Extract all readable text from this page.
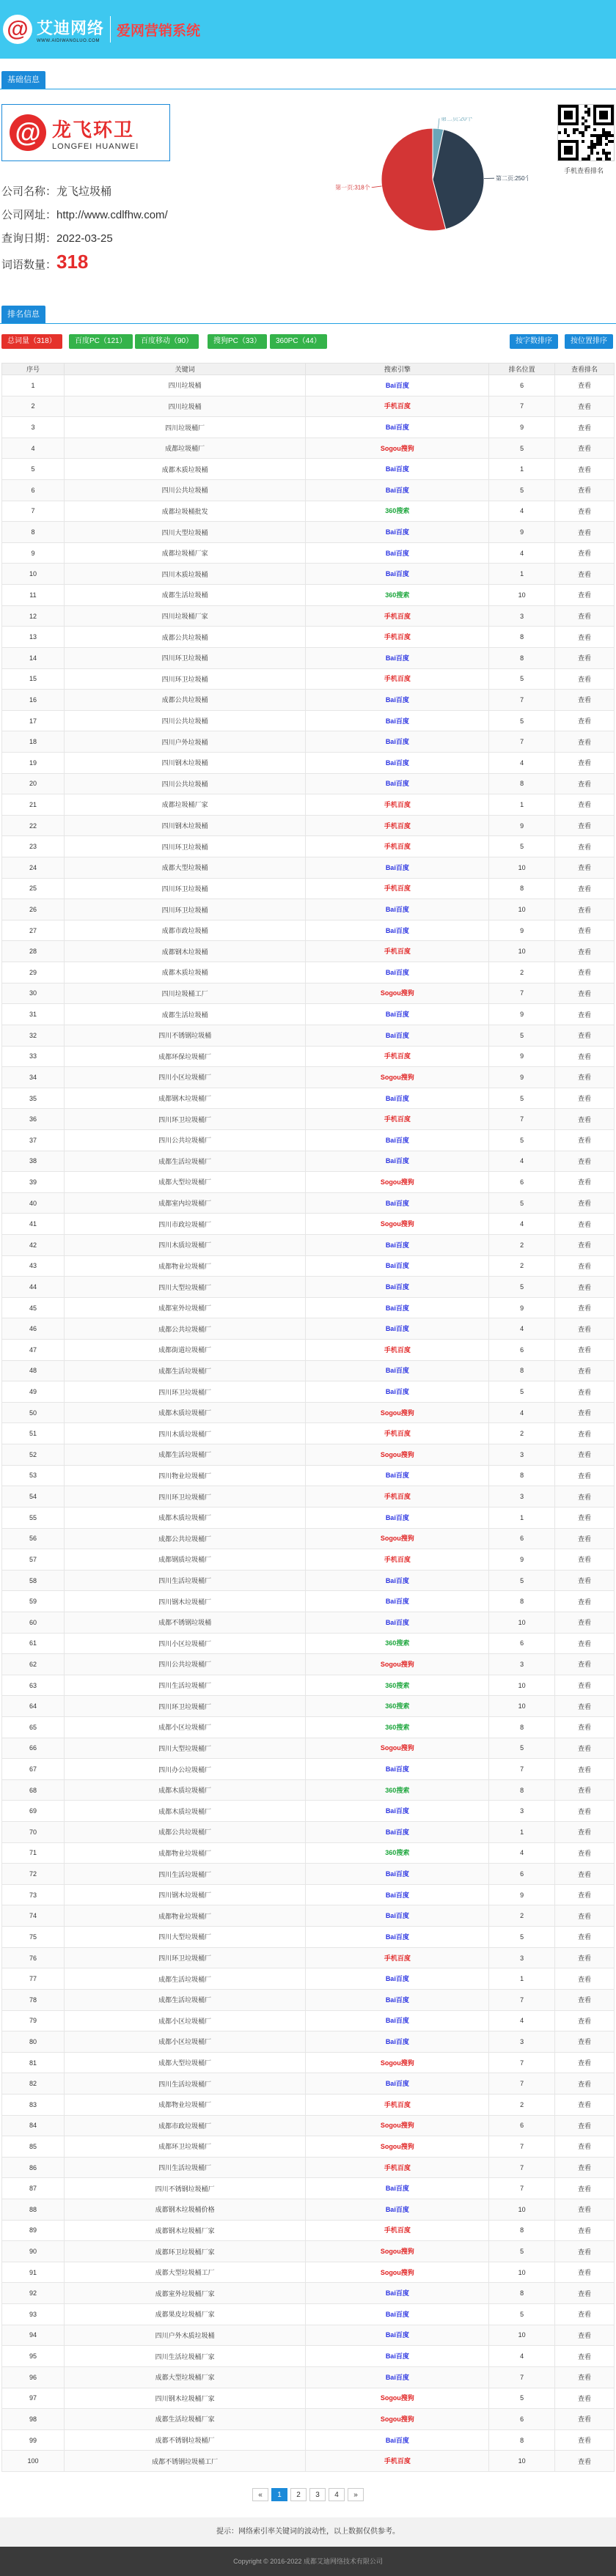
@ 艾迪网络
WWW.AIDIWANGLUO.COM
爱网营销系统
基础信息
@ 龙飞环卫
LONGFEI HUANWEI
公司名称：龙飞垃圾桶
公司网址：http://www.cdlfhw.com/
查询日期：2022-03-25
词语数量：318
第二页:20个
第二页:250个
第一页:318个
手机查看排名
排名信息
总词量（318）	百度PC（121）	百度移动（90）	搜狗PC（33）	360PC（44）	按字数排序	按位置排序
序号	关键词	搜索引擎	排名位置	查看排名
1	四川垃圾桶	Bai百度	6	查看
2	四川垃圾桶	手机百度	7	查看
3	四川垃圾桶厂	Bai百度	9	查看
4	成都垃圾桶厂	Sogou搜狗	5	查看
5	成都木质垃圾桶	Bai百度	1	查看
6	四川公共垃圾桶	Bai百度	5	查看
7	成都垃圾桶批发	360搜索	4	查看
8	四川大型垃圾桶	Bai百度	9	查看
9	成都垃圾桶厂家	Bai百度	4	查看
10	四川木质垃圾桶	Bai百度	1	查看
11	成都生活垃圾桶	360搜索	10	查看
12	四川垃圾桶厂家	手机百度	3	查看
13	成都公共垃圾桶	手机百度	8	查看
14	四川环卫垃圾桶	Bai百度	8	查看
15	四川环卫垃圾桶	手机百度	5	查看
16	成都公共垃圾桶	Bai百度	7	查看
17	四川公共垃圾桶	Bai百度	5	查看
18	四川户外垃圾桶	Bai百度	7	查看
19	四川钢木垃圾桶	Bai百度	4	查看
20	四川公共垃圾桶	Bai百度	8	查看
21	成都垃圾桶厂家	手机百度	1	查看
22	四川钢木垃圾桶	手机百度	9	查看
23	四川环卫垃圾桶	手机百度	5	查看
24	成都大型垃圾桶	Bai百度	10	查看
25	四川环卫垃圾桶	手机百度	8	查看
26	四川环卫垃圾桶	Bai百度	10	查看
27	成都市政垃圾桶	Bai百度	9	查看
28	成都钢木垃圾桶	手机百度	10	查看
29	成都木质垃圾桶	Bai百度	2	查看
30	四川垃圾桶工厂	Sogou搜狗	7	查看
31	成都生活垃圾桶	Bai百度	9	查看
32	四川不锈钢垃圾桶	Bai百度	5	查看
33	成都环保垃圾桶厂	手机百度	9	查看
34	四川小区垃圾桶厂	Sogou搜狗	9	查看
35	成都钢木垃圾桶厂	Bai百度	5	查看
36	四川环卫垃圾桶厂	手机百度	7	查看
37	四川公共垃圾桶厂	Bai百度	5	查看
38	成都生活垃圾桶厂	Bai百度	4	查看
39	成都大型垃圾桶厂	Sogou搜狗	6	查看
40	成都室内垃圾桶厂	Bai百度	5	查看
41	四川市政垃圾桶厂	Sogou搜狗	4	查看
42	四川木质垃圾桶厂	Bai百度	2	查看
43	成都物业垃圾桶厂	Bai百度	2	查看
44	四川大型垃圾桶厂	Bai百度	5	查看
45	成都室外垃圾桶厂	Bai百度	9	查看
46	成都公共垃圾桶厂	Bai百度	4	查看
47	成都街道垃圾桶厂	手机百度	6	查看
48	成都生活垃圾桶厂	Bai百度	8	查看
49	四川环卫垃圾桶厂	Bai百度	5	查看
50	成都木质垃圾桶厂	Sogou搜狗	4	查看
51	四川木质垃圾桶厂	手机百度	2	查看
52	成都生活垃圾桶厂	Sogou搜狗	3	查看
53	四川物业垃圾桶厂	Bai百度	8	查看
54	四川环卫垃圾桶厂	手机百度	3	查看
55	成都木质垃圾桶厂	Bai百度	1	查看
56	成都公共垃圾桶厂	Sogou搜狗	6	查看
57	成都钢质垃圾桶厂	手机百度	9	查看
58	四川生活垃圾桶厂	Bai百度	5	查看
59	四川钢木垃圾桶厂	Bai百度	8	查看
60	成都不锈钢垃圾桶	Bai百度	10	查看
61	四川小区垃圾桶厂	360搜索	6	查看
62	四川公共垃圾桶厂	Sogou搜狗	3	查看
63	四川生活垃圾桶厂	360搜索	10	查看
64	四川环卫垃圾桶厂	360搜索	10	查看
65	成都小区垃圾桶厂	360搜索	8	查看
66	四川大型垃圾桶厂	Sogou搜狗	5	查看
67	四川办公垃圾桶厂	Bai百度	7	查看
68	成都木质垃圾桶厂	360搜索	8	查看
69	成都木质垃圾桶厂	Bai百度	3	查看
70	成都公共垃圾桶厂	Bai百度	1	查看
71	成都物业垃圾桶厂	360搜索	4	查看
72	四川生活垃圾桶厂	Bai百度	6	查看
73	四川钢木垃圾桶厂	Bai百度	9	查看
74	成都物业垃圾桶厂	Bai百度	2	查看
75	四川大型垃圾桶厂	Bai百度	5	查看
76	四川环卫垃圾桶厂	手机百度	3	查看
77	成都生活垃圾桶厂	Bai百度	1	查看
78	成都生活垃圾桶厂	Bai百度	7	查看
79	成都小区垃圾桶厂	Bai百度	4	查看
80	成都小区垃圾桶厂	Bai百度	3	查看
81	成都大型垃圾桶厂	Sogou搜狗	7	查看
82	四川生活垃圾桶厂	Bai百度	7	查看
83	成都物业垃圾桶厂	手机百度	2	查看
84	成都市政垃圾桶厂	Sogou搜狗	6	查看
85	成都环卫垃圾桶厂	Sogou搜狗	7	查看
86	四川生活垃圾桶厂	手机百度	7	查看
87	四川不锈钢垃圾桶厂	Bai百度	7	查看
88	成都钢木垃圾桶价格	Bai百度	10	查看
89	成都钢木垃圾桶厂家	手机百度	8	查看
90	成都环卫垃圾桶厂家	Sogou搜狗	5	查看
91	成都大型垃圾桶工厂	Sogou搜狗	10	查看
92	成都室外垃圾桶厂家	Bai百度	8	查看
93	成都果皮垃圾桶厂家	Bai百度	5	查看
94	四川户外木质垃圾桶	Bai百度	10	查看
95	四川生活垃圾桶厂家	Bai百度	4	查看
96	成都大型垃圾桶厂家	Bai百度	7	查看
97	四川钢木垃圾桶厂家	Sogou搜狗	5	查看
98	成都生活垃圾桶厂家	Sogou搜狗	6	查看
99	成都不锈钢垃圾桶厂	Bai百度	8	查看
100	成都不锈钢垃圾桶工厂	手机百度	10	查看
«	1	2	3	4	»
提示：网络索引率关键词的波动性，以上数据仅供参考。
Copyright © 2016-2022 成都艾迪网络技术有限公司
